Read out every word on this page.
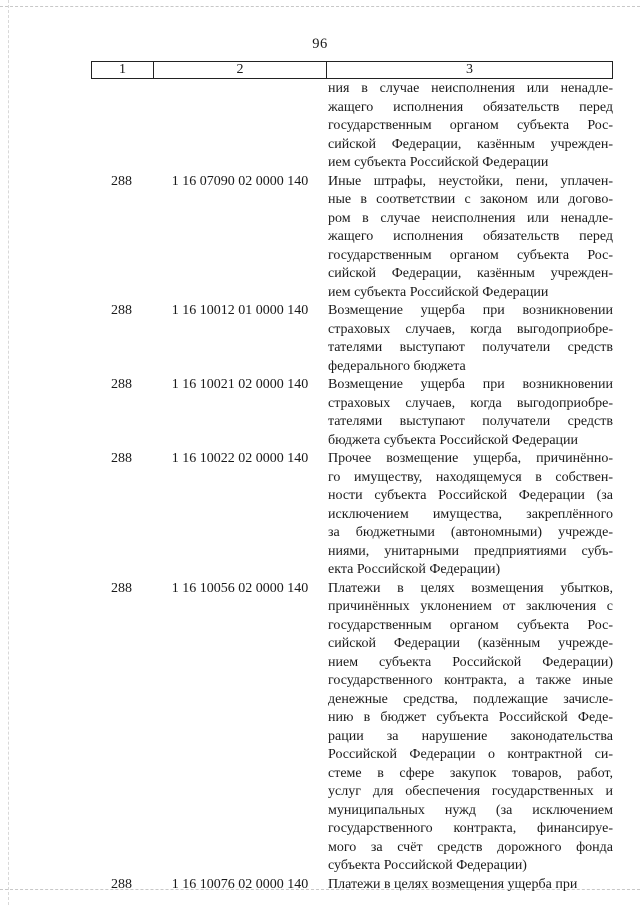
96
1	2	3
ния в случае неисполнения или ненадле-
жащего исполнения обязательств перед
государственным органом субъекта Рос-
сийской Федерации, казённым учрежден-
ием субъекта Российской Федерации
288	1 16 07090 02 0000 140	Иные штрафы, неустойки, пени, уплачен-
ные в соответствии с законом или догово-
ром в случае неисполнения или ненадле-
жащего исполнения обязательств перед
государственным органом субъекта Рос-
сийской Федерации, казённым учрежден-
ием субъекта Российской Федерации
288	1 16 10012 01 0000 140	Возмещение ущерба при возникновении
страховых случаев, когда выгодоприобре-
тателями выступают получатели средств
федерального бюджета
288	1 16 10021 02 0000 140	Возмещение ущерба при возникновении
страховых случаев, когда выгодоприобре-
тателями выступают получатели средств
бюджета субъекта Российской Федерации
288	1 16 10022 02 0000 140	Прочее возмещение ущерба, причинённо-
го имуществу, находящемуся в собствен-
ности субъекта Российской Федерации (за
исключением имущества, закреплённого
за бюджетными (автономными) учрежде-
ниями, унитарными предприятиями субъ-
екта Российской Федерации)
288	1 16 10056 02 0000 140	Платежи в целях возмещения убытков,
причинённых уклонением от заключения с
государственным органом субъекта Рос-
сийской Федерации (казённым учрежде-
нием субъекта Российской Федерации)
государственного контракта, а также иные
денежные средства, подлежащие зачисле-
нию в бюджет субъекта Российской Феде-
рации за нарушение законодательства
Российской Федерации о контрактной си-
стеме в сфере закупок товаров, работ,
услуг для обеспечения государственных и
муниципальных нужд (за исключением
государственного контракта, финансируе-
мого за счёт средств дорожного фонда
субъекта Российской Федерации)
288	1 16 10076 02 0000 140	Платежи в целях возмещения ущерба при
